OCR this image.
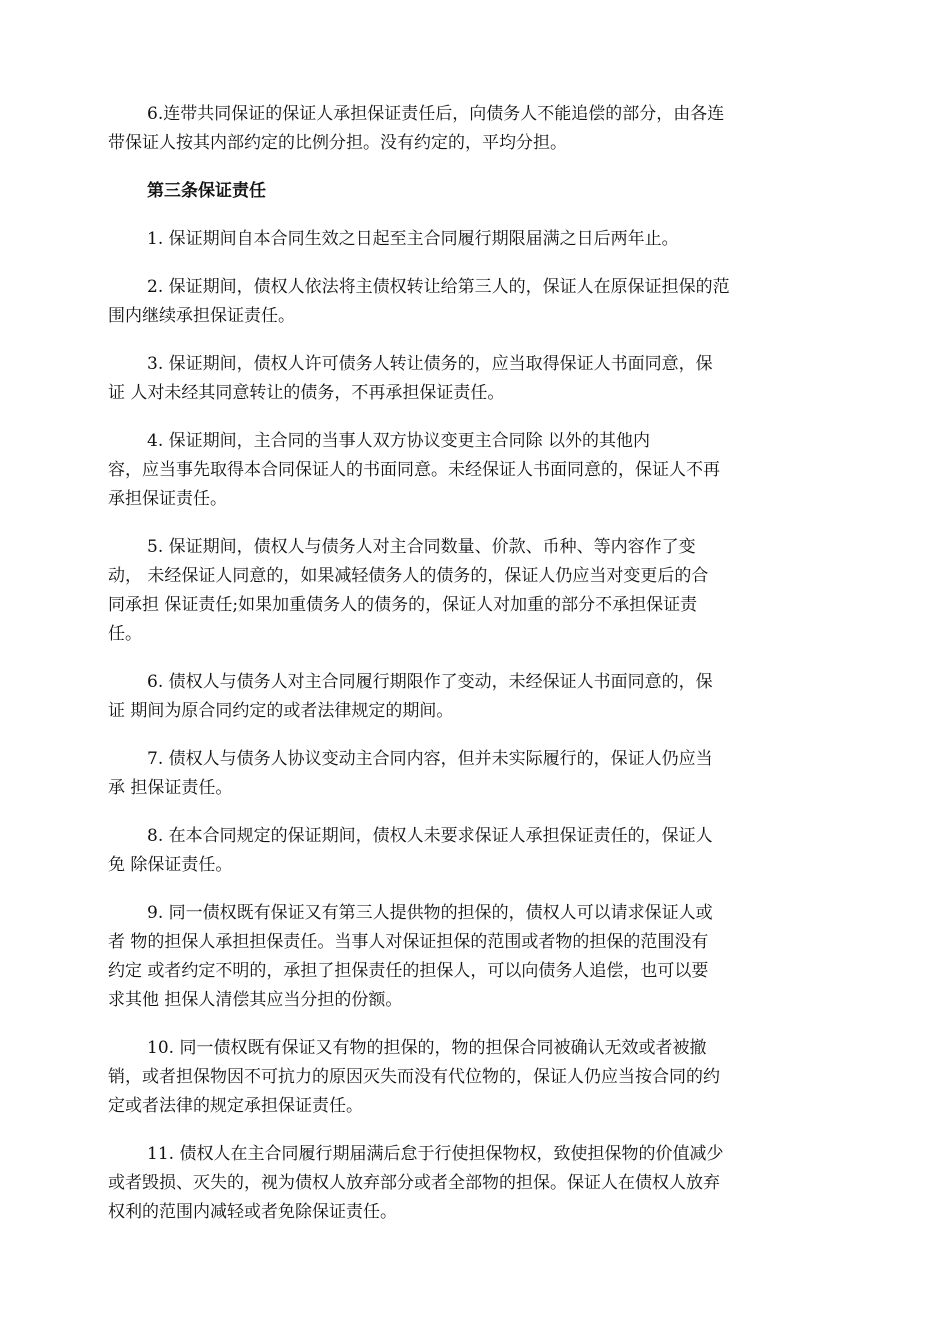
6.连带共同保证的保证人承担保证责任后，向债务人不能追偿的部分，由各连
带保证人按其内部约定的比例分担。没有约定的，平均分担。

第三条保证责任

1. 保证期间自本合同生效之日起至主合同履行期限届满之日后两年止。

2. 保证期间，债权人依法将主债权转让给第三人的，保证人在原保证担保的范
围内继续承担保证责任。

3. 保证期间，债权人许可债务人转让债务的，应当取得保证人书面同意，保
证 人对未经其同意转让的债务，不再承担保证责任。

4. 保证期间，主合同的当事人双方协议变更主合同除 以外的其他内
容，应当事先取得本合同保证人的书面同意。未经保证人书面同意的，保证人不再
承担保证责任。

5. 保证期间，债权人与债务人对主合同数量、价款、币种、等内容作了变
动， 未经保证人同意的，如果减轻债务人的债务的，保证人仍应当对变更后的合
同承担 保证责任;如果加重债务人的债务的，保证人对加重的部分不承担保证责
任。

6. 债权人与债务人对主合同履行期限作了变动，未经保证人书面同意的，保
证 期间为原合同约定的或者法律规定的期间。

7. 债权人与债务人协议变动主合同内容，但并未实际履行的，保证人仍应当
承 担保证责任。

8. 在本合同规定的保证期间，债权人未要求保证人承担保证责任的，保证人
免 除保证责任。

9. 同一债权既有保证又有第三人提供物的担保的，债权人可以请求保证人或
者 物的担保人承担担保责任。当事人对保证担保的范围或者物的担保的范围没有
约定 或者约定不明的，承担了担保责任的担保人，可以向债务人追偿，也可以要
求其他 担保人清偿其应当分担的份额。

10. 同一债权既有保证又有物的担保的，物的担保合同被确认无效或者被撤
销，或者担保物因不可抗力的原因灭失而没有代位物的，保证人仍应当按合同的约
定或者法律的规定承担保证责任。

11. 债权人在主合同履行期届满后怠于行使担保物权，致使担保物的价值减少
或者毁损、灭失的，视为债权人放弃部分或者全部物的担保。保证人在债权人放弃
权利的范围内减轻或者免除保证责任。
